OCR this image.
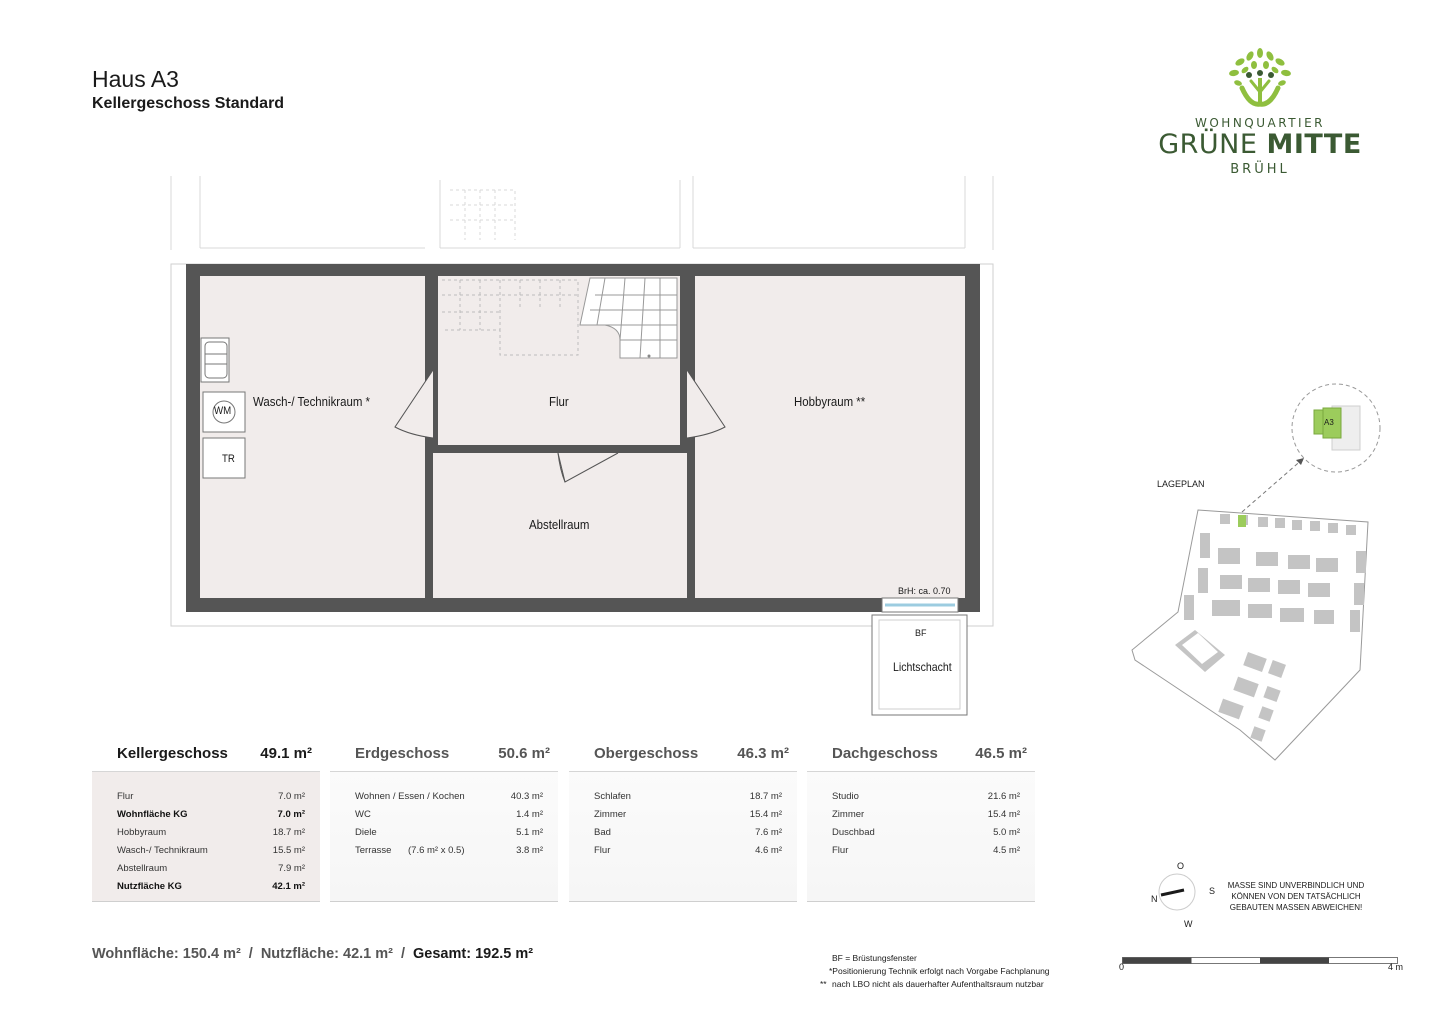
Haus A3
Kellergeschoss Standard
WOHNQUARTIER
GRÜNE MITTE
BRÜHL
Wasch-/ Technikraum *	Flur	Hobbyraum **
Abstellraum
Lichtschacht
WM
TR
BrH: ca. 0.70
BF
LAGEPLAN
A3
Kellergeschoss 49.1 m²
Flur	7.0 m²
Wohnfläche KG	7.0 m²
Hobbyraum	18.7 m²
Wasch-/ Technikraum	15.5 m²
Abstellraum	7.9 m²
Nutzfläche KG	42.1 m²
Erdgeschoss	50.6 m²
Wohnen / Essen / Kochen	40.3 m²
WC	1.4 m²
Diele	5.1 m²
Terrasse (7.6 m² x 0.5)	3.8 m²
Obergeschoss	46.3 m²
Schlafen	18.7 m²
Zimmer	15.4 m²
Bad	7.6 m²
Flur	4.6 m²
Dachgeschoss 46.5 m²
Studio	21.6 m²
Zimmer	15.4 m²
Duschbad	5.0 m²
Flur	4.5 m²
Wohnfläche: 150.4 m² / Nutzfläche: 42.1 m² / Gesamt: 192.5 m²	BF = Brüstungsfenster
*Positionierung Technik erfolgt nach Vorgabe Fachplanung
** nach LBO nicht als dauerhafter Aufenthaltsraum nutzbar
O
S
W
N
MASSE SIND UNVERBINDLICH UND KÖNNEN VON DEN TATSÄCHLICH GEBAUTEN MASSEN ABWEICHEN!
0	4 m
